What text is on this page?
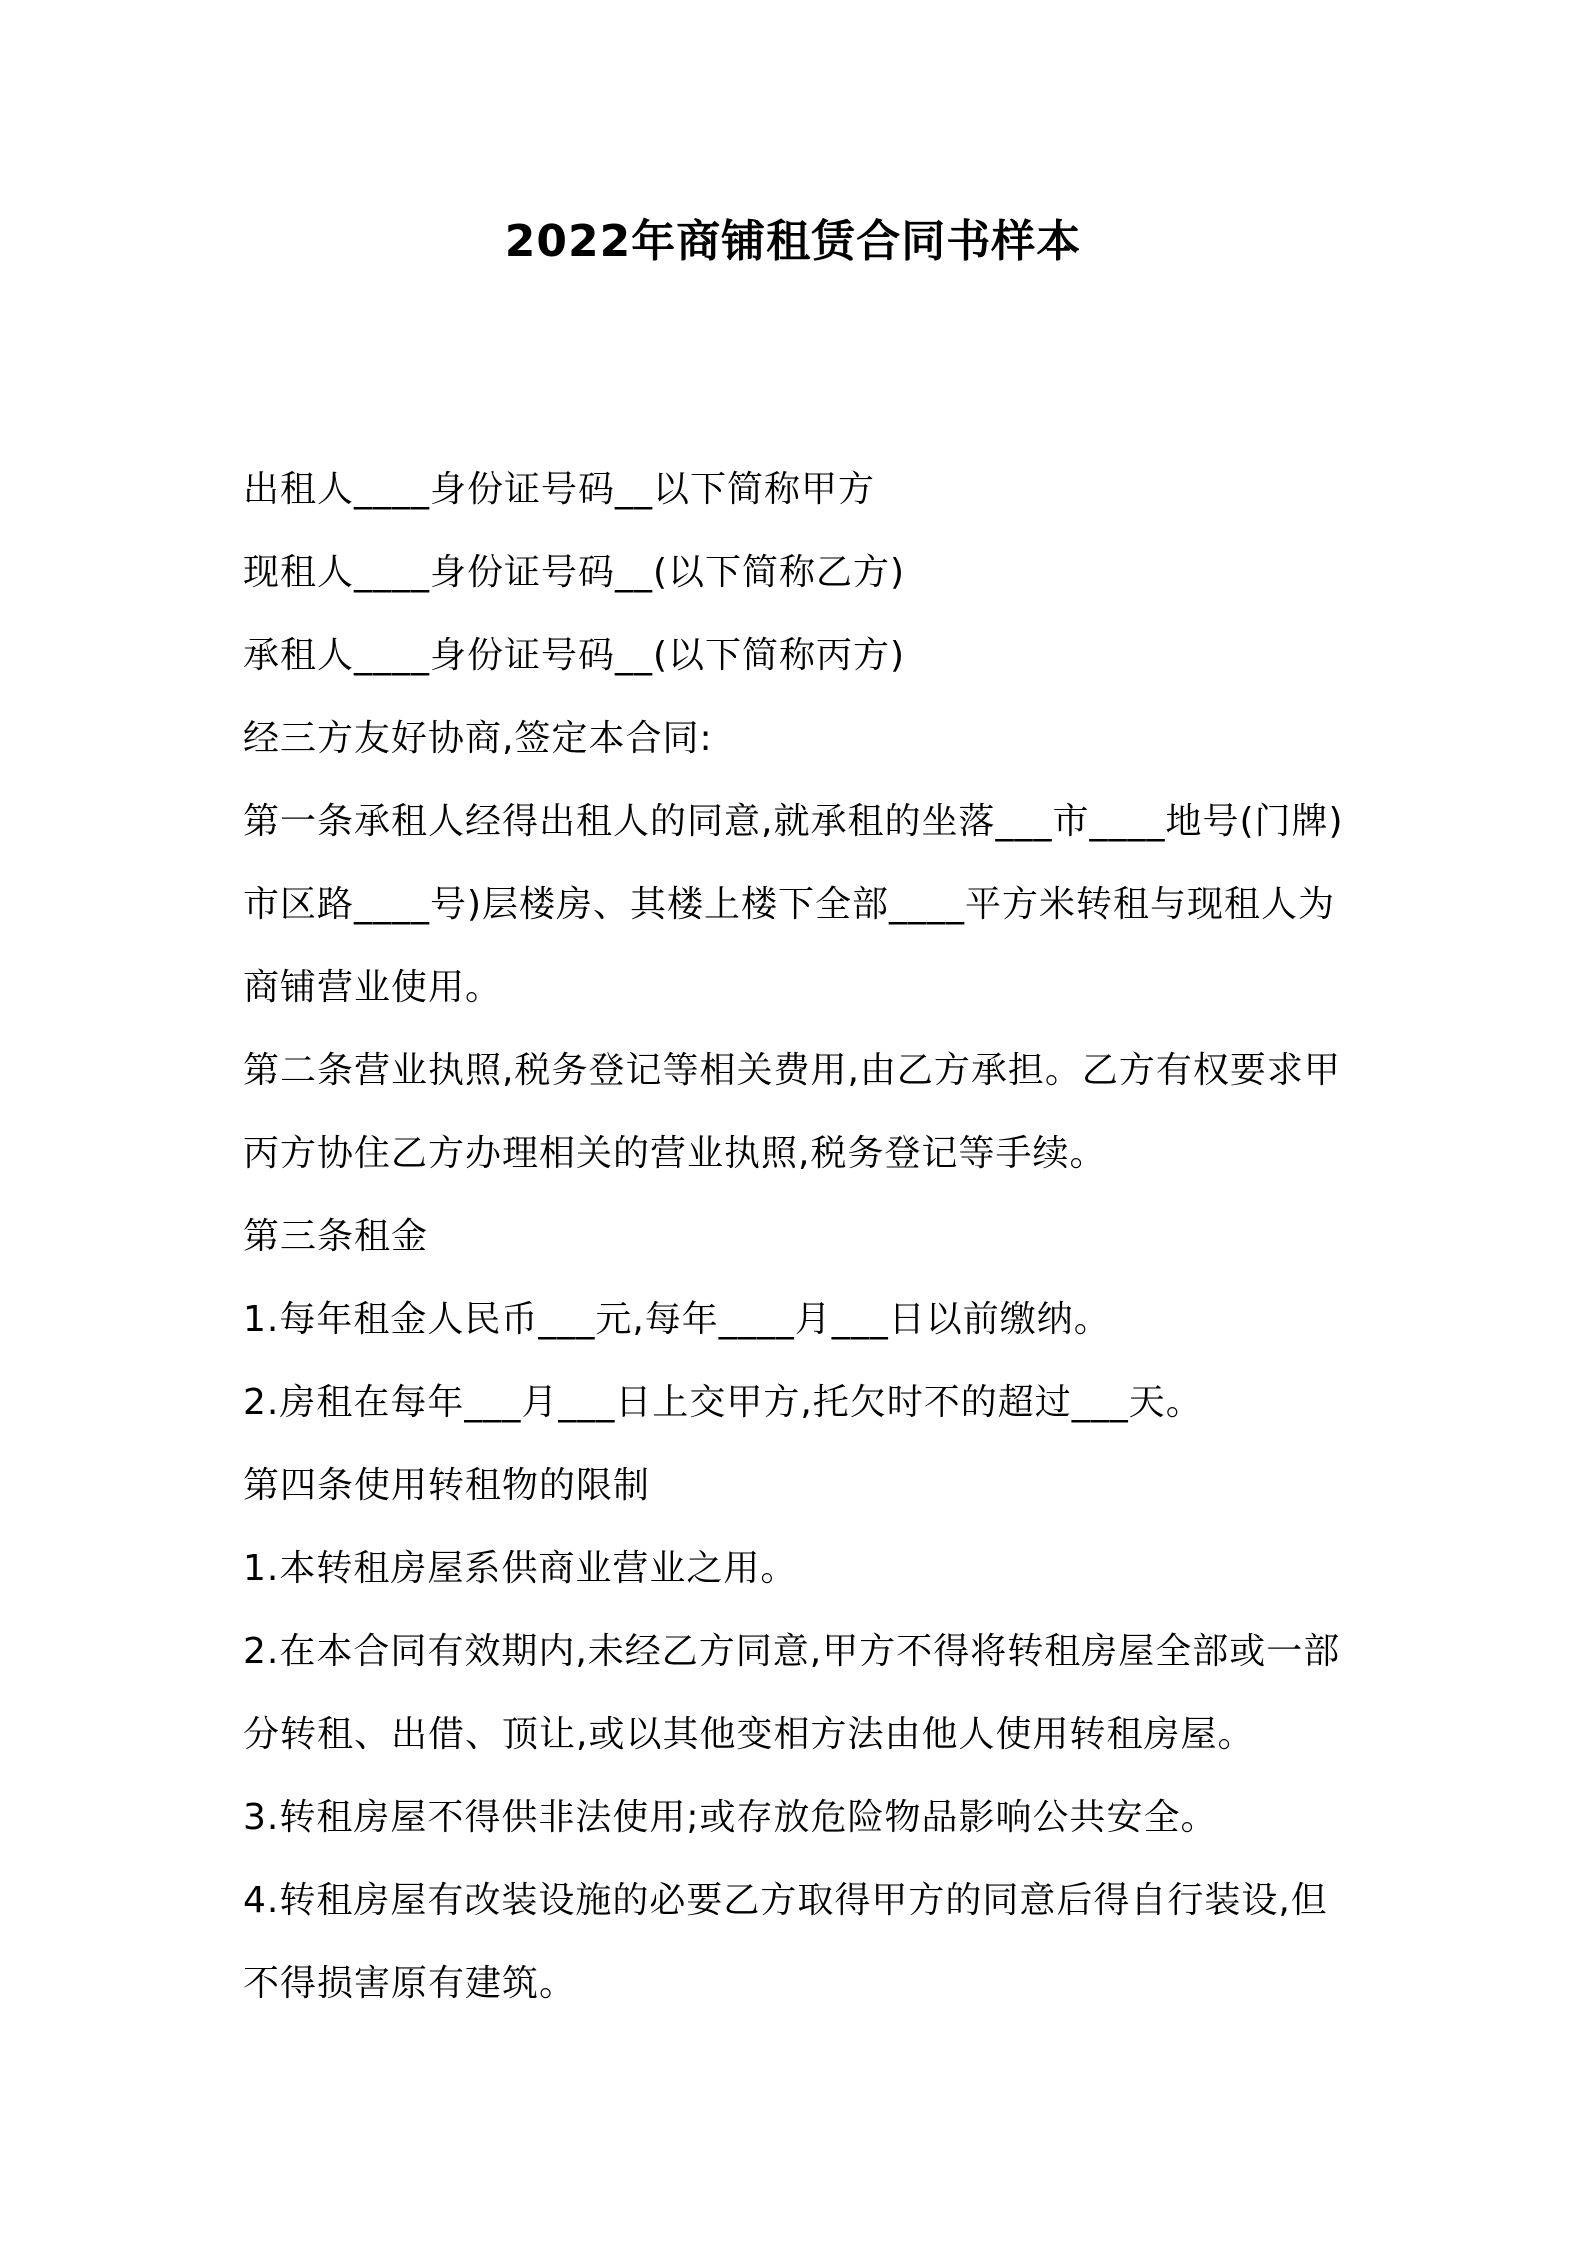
2022年商铺租赁合同书样本

出租人____身份证号码__以下简称甲方

现租人____身份证号码__(以下简称乙方)

承租人____身份证号码__(以下简称丙方)

经三方友好协商,签定本合同:

第一条承租人经得出租人的同意,就承租的坐落___市____地号(门牌)市区路____号)层楼房、其楼上楼下全部____平方米转租与现租人为商铺营业使用。

第二条营业执照,税务登记等相关费用,由乙方承担。乙方有权要求甲丙方协住乙方办理相关的营业执照,税务登记等手续。

第三条租金

1.每年租金人民币___元,每年____月___日以前缴纳。

2.房租在每年___月___日上交甲方,托欠时不的超过___天。

第四条使用转租物的限制

1.本转租房屋系供商业营业之用。

2.在本合同有效期内,未经乙方同意,甲方不得将转租房屋全部或一部分转租、出借、顶让,或以其他变相方法由他人使用转租房屋。

3.转租房屋不得供非法使用;或存放危险物品影响公共安全。

4.转租房屋有改装设施的必要乙方取得甲方的同意后得自行装设,但不得损害原有建筑。
